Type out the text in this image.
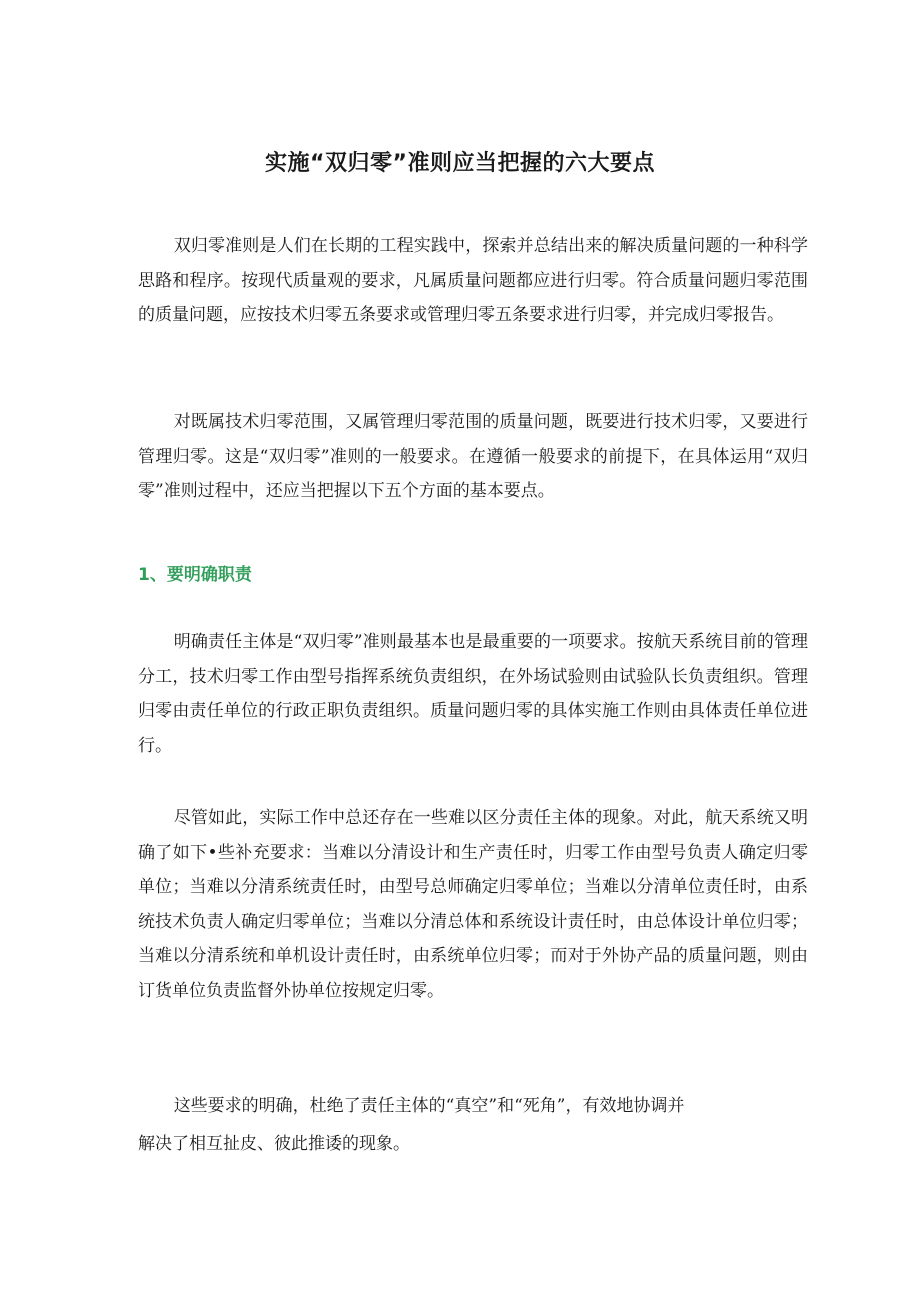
实施“双归零”准则应当把握的六大要点

双归零准则是人们在长期的工程实践中，探索并总结出来的解决质量问题的一种科学思路和程序。按现代质量观的要求，凡属质量问题都应进行归零。符合质量问题归零范围的质量问题，应按技术归零五条要求或管理归零五条要求进行归零，并完成归零报告。

对既属技术归零范围，又属管理归零范围的质量问题，既要进行技术归零，又要进行管理归零。这是“双归零”准则的一般要求。在遵循一般要求的前提下，在具体运用“双归零”准则过程中，还应当把握以下五个方面的基本要点。

1、要明确职责

明确责任主体是“双归零”准则最基本也是最重要的一项要求。按航天系统目前的管理分工，技术归零工作由型号指挥系统负责组织，在外场试验则由试验队长负责组织。管理归零由责任单位的行政正职负责组织。质量问题归零的具体实施工作则由具体责任单位进行。

尽管如此，实际工作中总还存在一些难以区分责任主体的现象。对此，航天系统又明确了如下•些补充要求：当难以分清设计和生产责任时，归零工作由型号负责人确定归零单位；当难以分清系统责任时，由型号总师确定归零单位；当难以分清单位责任时，由系统技术负责人确定归零单位；当难以分清总体和系统设计责任时，由总体设计单位归零；当难以分清系统和单机设计责任时，由系统单位归零；而对于外协产品的质量问题，则由订货单位负责监督外协单位按规定归零。

这些要求的明确，杜绝了责任主体的“真空”和“死角”，有效地协调并

解决了相互扯皮、彼此推诿的现象。
